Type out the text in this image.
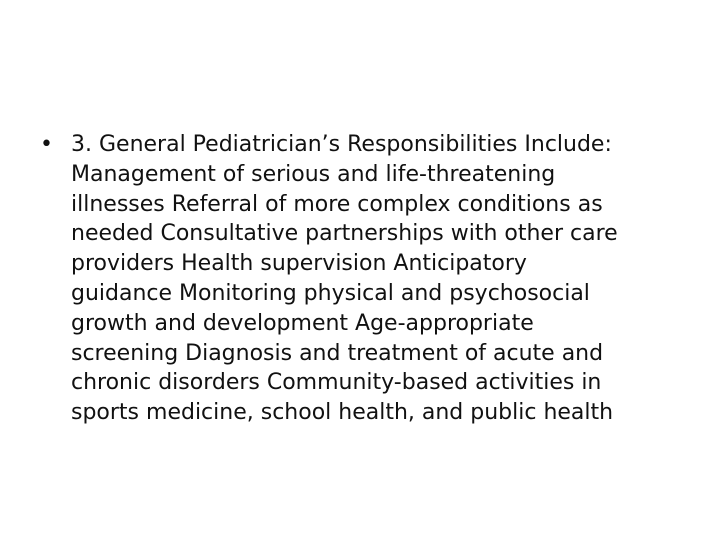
• 3. General Pediatrician’s Responsibilities Include:
Management of serious and life-threatening
illnesses Referral of more complex conditions as
needed Consultative partnerships with other care
providers Health supervision Anticipatory
guidance Monitoring physical and psychosocial
growth and development Age-appropriate
screening Diagnosis and treatment of acute and
chronic disorders Community-based activities in
sports medicine, school health, and public health
